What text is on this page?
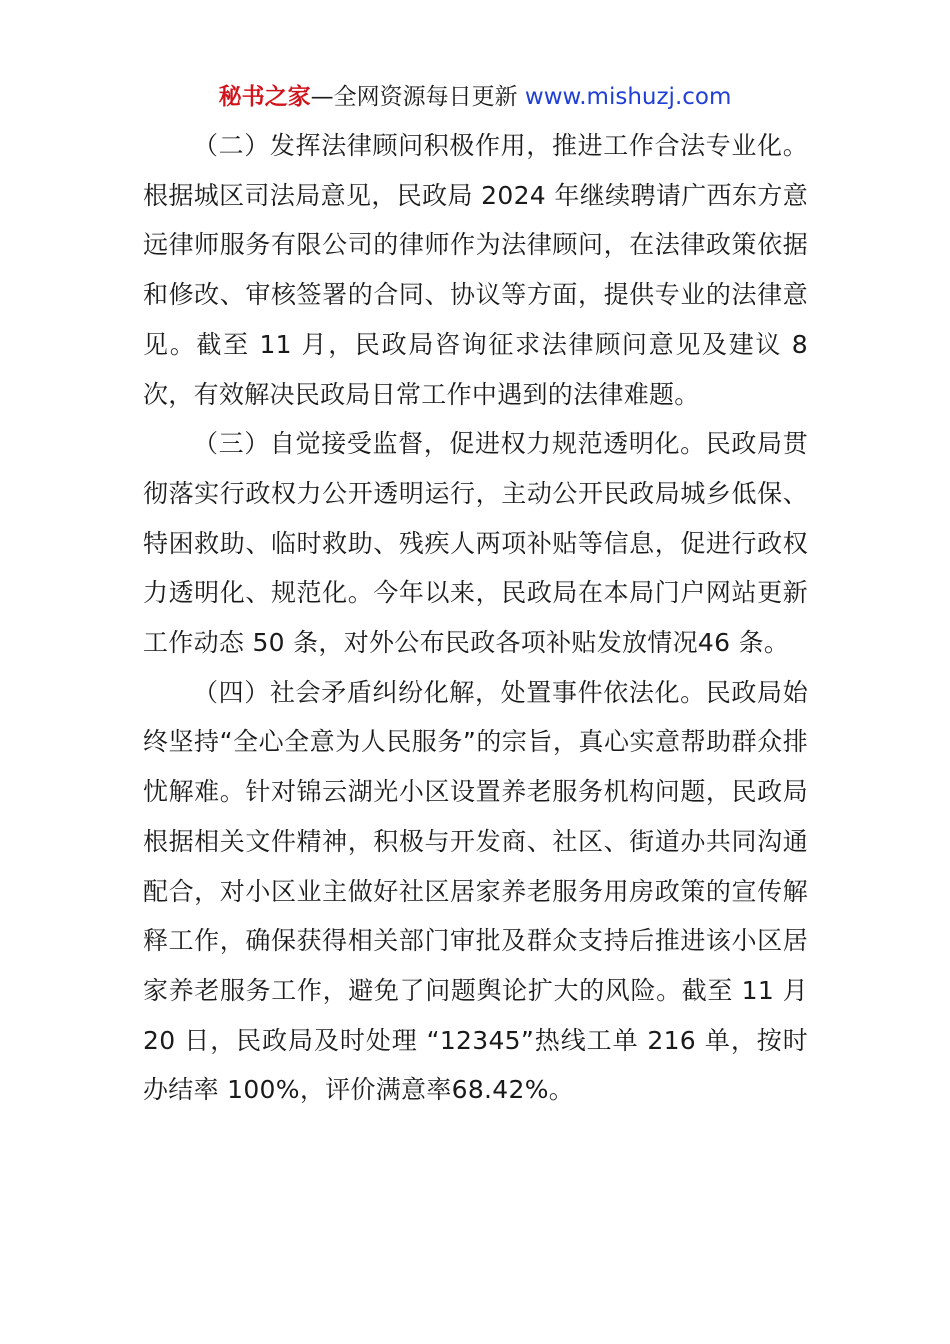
秘书之家—全网资源每日更新 www.mishuzj.com

（二）发挥法律顾问积极作用，推进工作合法专业化。根据城区司法局意见，民政局 2024 年继续聘请广西东方意远律师服务有限公司的律师作为法律顾问，在法律政策依据和修改、审核签署的合同、协议等方面，提供专业的法律意见。截至 11 月，民政局咨询征求法律顾问意见及建议 8 次，有效解决民政局日常工作中遇到的法律难题。

（三）自觉接受监督，促进权力规范透明化。民政局贯彻落实行政权力公开透明运行，主动公开民政局城乡低保、特困救助、临时救助、残疾人两项补贴等信息，促进行政权力透明化、规范化。今年以来，民政局在本局门户网站更新工作动态 50 条，对外公布民政各项补贴发放情况46 条。

（四）社会矛盾纠纷化解，处置事件依法化。民政局始终坚持“全心全意为人民服务”的宗旨，真心实意帮助群众排忧解难。针对锦云湖光小区设置养老服务机构问题，民政局根据相关文件精神，积极与开发商、社区、街道办共同沟通配合，对小区业主做好社区居家养老服务用房政策的宣传解释工作，确保获得相关部门审批及群众支持后推进该小区居家养老服务工作，避免了问题舆论扩大的风险。截至 11 月 20 日，民政局及时处理 “12345”热线工单 216 单，按时办结率 100%，评价满意率68.42%。
